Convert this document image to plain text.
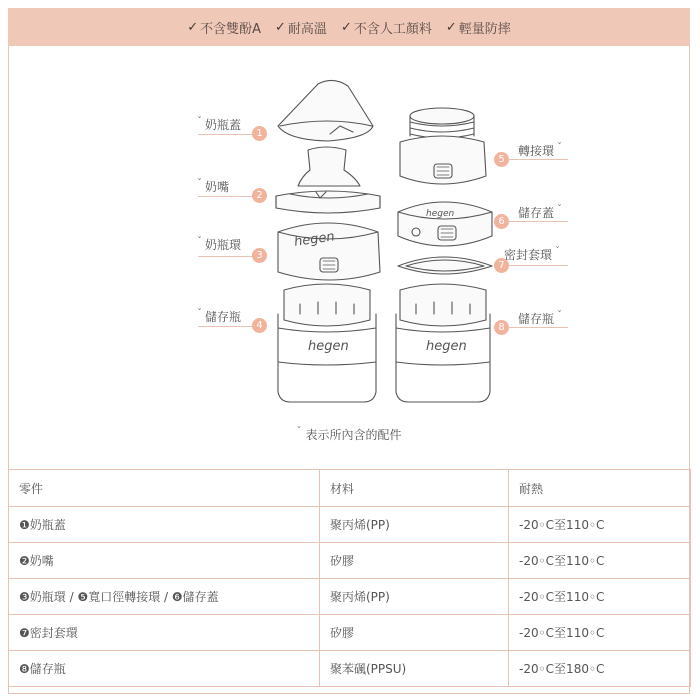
✓ 不含雙酚A ✓ 耐高溫 ✓ 不含人工顏料 ✓ 輕量防摔
hegen
hegen
hegen
hegen
$^ˇ$ 奶瓶蓋
1
$^ˇ$ 奶嘴
2
$^ˇ$ 奶瓶環
3
$^ˇ$ 儲存瓶
4
5
轉接環 $^ˇ$
6
儲存蓋 $^ˇ$
7
密封套環 $^ˇ$
8
儲存瓶 $^ˇ$
$^ˇ$ 表示所內含的配件
零件	材料	耐熱
❶奶瓶蓋	聚丙烯(PP)	-20◦C至110◦C
❷奶嘴	矽膠	-20◦C至110◦C
❸奶瓶環 / ❺寬口徑轉接環 / ❻儲存蓋	聚丙烯(PP)	-20◦C至110◦C
❼密封套環	矽膠	-20◦C至110◦C
❽儲存瓶	聚苯碸(PPSU)	-20◦C至180◦C
